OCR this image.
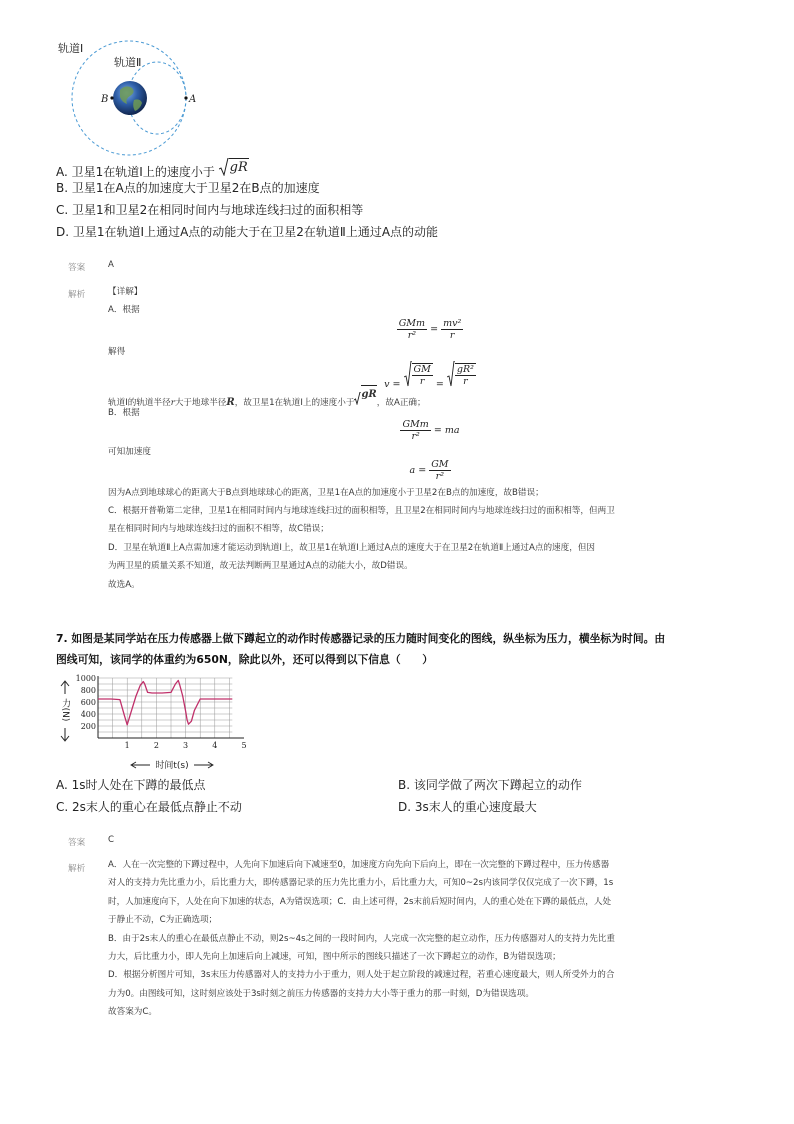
轨道Ⅰ
轨道Ⅱ
B	A
A. 卫星1在轨道Ⅰ上的速度小于 gR
B. 卫星1在A点的加速度大于卫星2在B点的加速度
C. 卫星1和卫星2在相同时间内与地球连线扫过的面积相等
D. 卫星1在轨道Ⅰ上通过A点的动能大于在卫星2在轨道Ⅱ上通过A点的动能
答案	A
解析	【详解】
A．根据
$\frac{\text{GMm}}{\text{r²}} = \frac{\text{mv²}}{r}$
解得
$v = \frac{GM}{r} = \frac{\text{gR²}}{r}$
轨道Ⅰ的轨道半径r大于地球半径R，故卫星1在轨道Ⅰ上的速度小于
gR
，故A正确；
B．根据
$\frac{\text{GMm}}{\text{r²}}$ = ma
可知加速度
$a = \frac{GM}{\text{r²}}$
因为A点到地球球心的距离大于B点到地球球心的距离，卫星1在A点的加速度小于卫星2在B点的加速度，故B错误；
C．根据开普勒第二定律，卫星1在相同时间内与地球连线扫过的面积相等，且卫星2在相同时间内与地球连线扫过的面积相等，但两卫
星在相同时间内与地球连线扫过的面积不相等，故C错误；
D．卫星在轨道Ⅱ上A点需加速才能运动到轨道Ⅰ上，故卫星1在轨道Ⅰ上通过A点的速度大于在卫星2在轨道Ⅱ上通过A点的速度，但因
为两卫星的质量关系不知道，故无法判断两卫星通过A点的动能大小，故D错误。
故选A。
7. 如图是某同学站在压力传感器上做下蹲起立的动作时传感器记录的压力随时间变化的图线，纵坐标为压力，横坐标为时间。由
图线可知，该同学的体重约为650N，除此以外，还可以得到以下信息（　　）
1000
800
600
400
200
1	2	3	4	5
力(N)
时间t(s)
A. 1s时人处在下蹲的最低点	B. 该同学做了两次下蹲起立的动作
C. 2s末人的重心在最低点静止不动	D. 3s末人的重心速度最大
答案	C
解析	A．人在一次完整的下蹲过程中，人先向下加速后向下减速至0，加速度方向先向下后向上，即在一次完整的下蹲过程中，压力传感器
对人的支持力先比重力小，后比重力大，即传感器记录的压力先比重力小，后比重力大，可知0~2s内该同学仅仅完成了一次下蹲，1s
时，人加速度向下，人处在向下加速的状态，A为错误选项；C．由上述可得，2s末前后短时间内，人的重心处在下蹲的最低点，人处
于静止不动，C为正确选项；
B．由于2s末人的重心在最低点静止不动，则2s~4s之间的一段时间内，人完成一次完整的起立动作，压力传感器对人的支持力先比重
力大，后比重力小，即人先向上加速后向上减速，可知，图中所示的图线只描述了一次下蹲起立的动作，B为错误选项；
D．根据分析图片可知，3s末压力传感器对人的支持力小于重力，则人处于起立阶段的减速过程，若重心速度最大，则人所受外力的合
力为0。由图线可知，这时刻应该处于3s时刻之前压力传感器的支持力大小等于重力的那一时刻，D为错误选项。
故答案为C。
